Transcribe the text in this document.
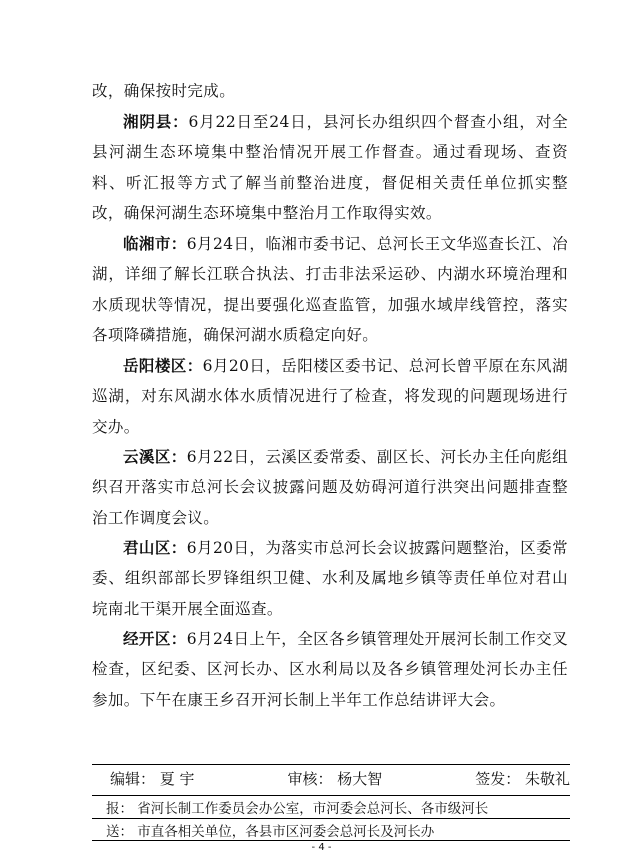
改，确保按时完成。

湘阴县：6月22日至24日，县河长办组织四个督查小组，对全县河湖生态环境集中整治情况开展工作督查。通过看现场、查资料、听汇报等方式了解当前整治进度，督促相关责任单位抓实整改，确保河湖生态环境集中整治月工作取得实效。

临湘市：6月24日，临湘市委书记、总河长王文华巡查长江、冶湖，详细了解长江联合执法、打击非法采运砂、内湖水环境治理和水质现状等情况，提出要强化巡查监管，加强水域岸线管控，落实各项降磷措施，确保河湖水质稳定向好。

岳阳楼区：6月20日，岳阳楼区委书记、总河长曾平原在东风湖巡湖，对东风湖水体水质情况进行了检查，将发现的问题现场进行交办。

云溪区：6月22日，云溪区委常委、副区长、河长办主任向彪组织召开落实市总河长会议披露问题及妨碍河道行洪突出问题排查整治工作调度会议。

君山区：6月20日，为落实市总河长会议披露问题整治，区委常委、组织部部长罗锋组织卫健、水利及属地乡镇等责任单位对君山垸南北干渠开展全面巡查。

经开区：6月24日上午，全区各乡镇管理处开展河长制工作交叉检查，区纪委、区河长办、区水利局以及各乡镇管理处河长办主任参加。下午在康王乡召开河长制上半年工作总结讲评大会。

编辑： 夏 宇	审核： 杨大智	签发： 朱敬礼
报： 省河长制工作委员会办公室，市河委会总河长、各市级河长
送： 市直各相关单位，各县市区河委会总河长及河长办
- 4 -
